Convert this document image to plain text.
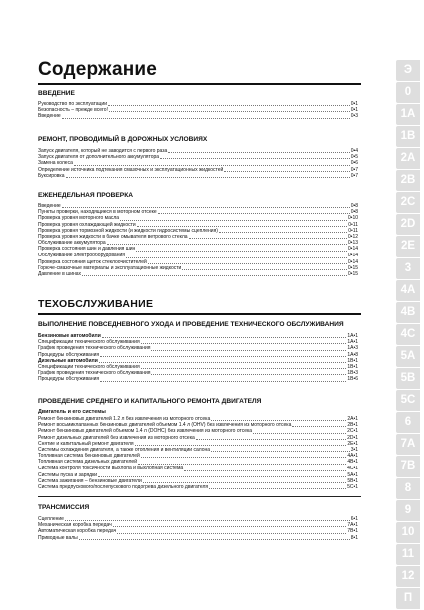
Содержание
ВВЕДЕНИЕ
Руководство по эксплуатации	0•1
Безопасность – прежде всего!	0•1
Введение	0•3
РЕМОНТ, ПРОВОДИМЫЙ В ДОРОЖНЫХ УСЛОВИЯХ
Запуск двигателя, который не заводится с первого раза	0•4
Запуск двигателя от дополнительного аккумулятора	0•5
Замена колеса	0•6
Определение источника подтекания смазочных и эксплуатационных жидкостей	0•7
Буксировка	0•7
ЕЖЕНЕДЕЛЬНАЯ ПРОВЕРКА
Введение	0•8
Пункты проверки, находящиеся в моторном отсеке	0•8
Проверка уровня моторного масла	0•10
Проверка уровня охлаждающей жидкости	0•11
Проверка уровня тормозной жидкости (и жидкости гидросистемы сцепления)	0•11
Проверка уровня жидкости в бачке омывателя ветрового стекла	0•12
Обслуживание аккумулятора	0•13
Проверка состояния шин и давления шин	0•14
Обслуживание электрооборудования	0•14
Проверка состояния щеток стеклоочистителей	0•14
Горюче-смазочные материалы и эксплуатационные жидкости	0•15
Давление в шинах	0•15
ТЕХОБСЛУЖИВАНИЕ
ВЫПОЛНЕНИЕ ПОВСЕДНЕВНОГО УХОДА И ПРОВЕДЕНИЕ ТЕХНИЧЕСКОГО ОБСЛУЖИВАНИЯ
Бензиновые автомобили	1А•1
Спецификации технического обслуживания	1А•1
График проведения технического обслуживания	1А•3
Процедуры обслуживания	1А•8
Дизельные автомобили	1В•1
Спецификации технического обслуживания	1В•1
График проведения технического обслуживания	1В•3
Процедуры обслуживания	1В•6
ПРОВЕДЕНИЕ СРЕДНЕГО И КАПИТАЛЬНОГО РЕМОНТА ДВИГАТЕЛЯ
Двигатель и его системы
Ремонт бензиновых двигателей 1.2 л без извлечения из моторного отсека	2А•1
Ремонт восьмиклапанных бензиновых двигателей объемом 1.4 л (OHV) без извлечения из моторного отсека	2В•1
Ремонт бензиновых двигателей объемом 1.4 л (DOHC) без извлечения из моторного отсека	2С•1
Ремонт дизельных двигателей без извлечения из моторного отсека	2D•1
Снятие и капитальный ремонт двигателя	2Е•1
Системы охлаждения двигателя, а также отопления и вентиляции салона	3•1
Топливная система бензиновых двигателей	4А•1
Топливная система дизельных двигателей	4В•1
Система контроля токсичности выхлопа и выхлопная система	4С•1
Системы пуска и зарядки	5А•1
Система зажигания – бензиновые двигатели	5В•1
Система предпускового/послепускового подогрева дизельного двигателя	5С•1
ТРАНСМИССИЯ
Сцепление	6•1
Механическая коробка передач	7А•1
Автоматическая коробка передач	7В•1
Приводные валы	8•1
Э
0
1А
1В
2А
2В
2С
2D
2Е
3
4А
4В
4С
5А
5В
5С
6
7А
7В
8
9
10
11
12
П
